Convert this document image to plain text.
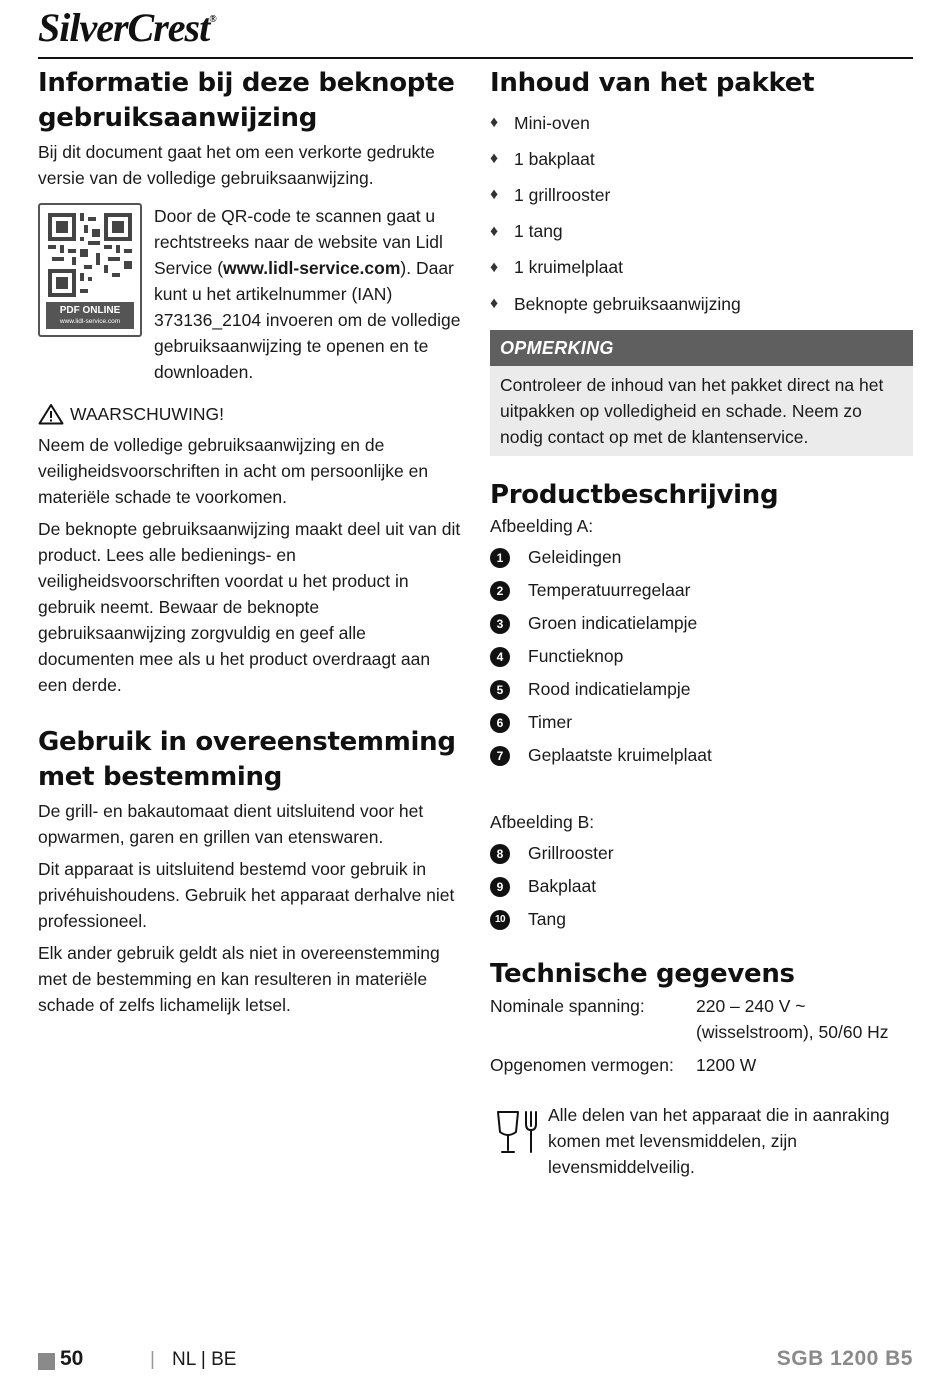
SilverCrest®
Informatie bij deze beknopte gebruiksaanwijzing

Bij dit document gaat het om een verkorte gedrukte versie van de volledige gebruiksaanwijzing.

PDF ONLINE
www.lidl-service.com

Door de QR-code te scannen gaat u rechtstreeks naar de website van Lidl Service (www.lidl-service.com). Daar kunt u het artikelnummer (IAN) 373136_2104 invoeren om de volledige gebruiksaanwijzing te openen en te downloaden.

WAARSCHUWING!

Neem de volledige gebruiksaanwijzing en de veiligheidsvoorschriften in acht om persoonlijke en materiële schade te voorkomen.

De beknopte gebruiksaanwijzing maakt deel uit van dit product. Lees alle bedienings- en veiligheidsvoorschriften voordat u het product in gebruik neemt. Bewaar de beknopte gebruiksaanwijzing zorgvuldig en geef alle documenten mee als u het product overdraagt aan een derde.

Gebruik in overeenstemming met bestemming

De grill- en bakautomaat dient uitsluitend voor het opwarmen, garen en grillen van etenswaren.

Dit apparaat is uitsluitend bestemd voor gebruik in privéhuishoudens. Gebruik het apparaat derhalve niet professioneel.

Elk ander gebruik geldt als niet in overeenstemming met de bestemming en kan resulteren in materiële schade of zelfs lichamelijk letsel.

Inhoud van het pakket
♦ Mini-oven
♦ 1 bakplaat
♦ 1 grillrooster
♦ 1 tang
♦ 1 kruimelplaat
♦ Beknopte gebruiksaanwijzing
OPMERKING

Controleer de inhoud van het pakket direct na het uitpakken op volledigheid en schade. Neem zo nodig contact op met de klantenservice.

Productbeschrijving

Afbeelding A:

1	Geleidingen
2	Temperatuurregelaar
3	Groen indicatielampje
4	Functieknop
5	Rood indicatielampje
6	Timer
7	Geplaatste kruimelplaat

Afbeelding B:

8	Grillrooster
9	Bakplaat
10 Tang
Technische gegevens
Nominale spanning:	220 – 240 V ~
(wisselstroom), 50/60 Hz
Opgenomen vermogen:	1200 W

Alle delen van het apparaat die in aanraking komen met levensmiddelen, zijn levensmiddelveilig.

50	| NL | BE	SGB 1200 B5
